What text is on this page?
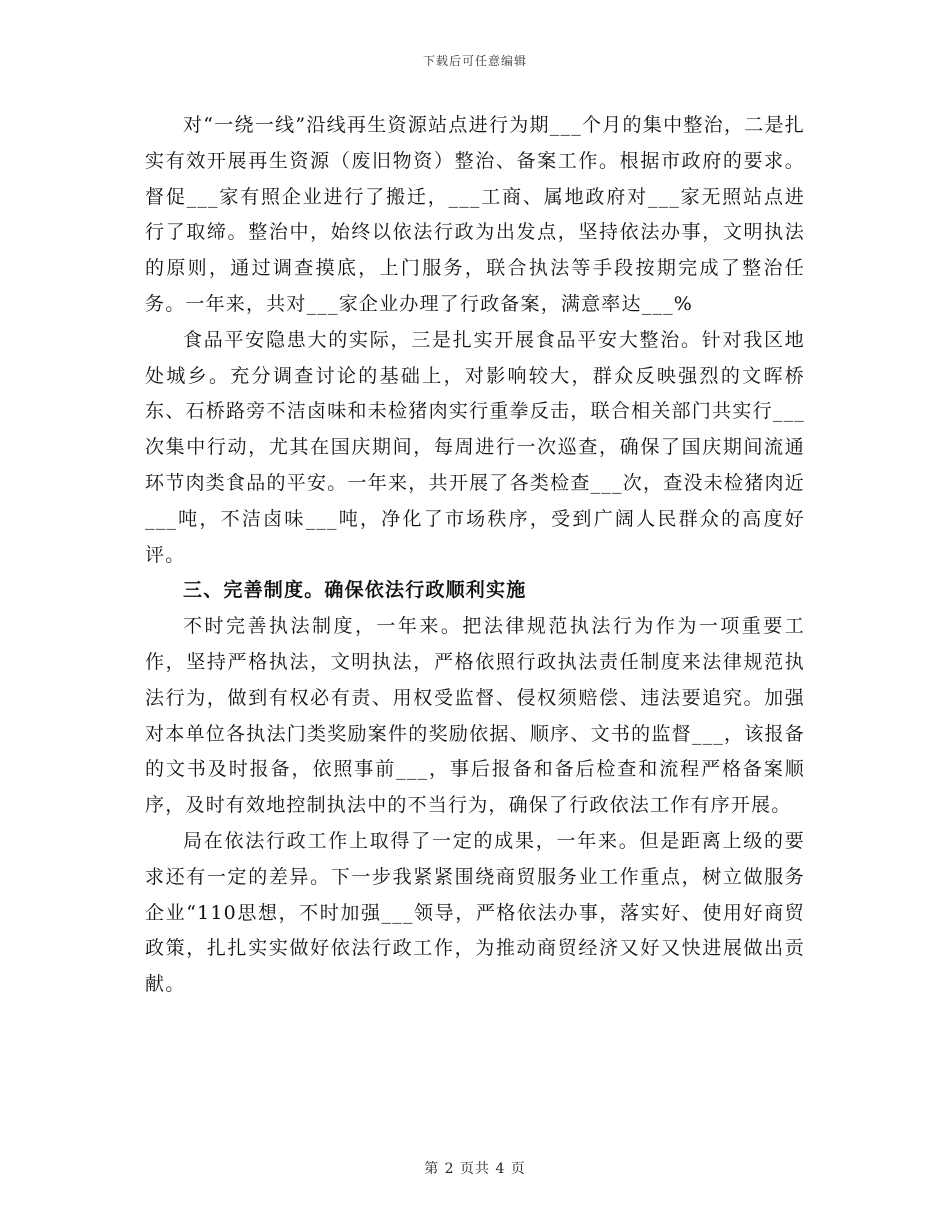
下载后可任意编辑

对“一绕一线”沿线再生资源站点进行为期___个月的集中整治，二是扎实有效开展再生资源（废旧物资）整治、备案工作。根据市政府的要求。督促___家有照企业进行了搬迁，___工商、属地政府对___家无照站点进行了取缔。整治中，始终以依法行政为出发点，坚持依法办事，文明执法的原则，通过调查摸底，上门服务，联合执法等手段按期完成了整治任务。一年来，共对___家企业办理了行政备案，满意率达___%

食品平安隐患大的实际，三是扎实开展食品平安大整治。针对我区地处城乡。充分调查讨论的基础上，对影响较大，群众反映强烈的文晖桥东、石桥路旁不洁卤味和未检猪肉实行重拳反击，联合相关部门共实行___次集中行动，尤其在国庆期间，每周进行一次巡查，确保了国庆期间流通环节肉类食品的平安。一年来，共开展了各类检查___次，查没未检猪肉近___吨，不洁卤味___吨，净化了市场秩序，受到广阔人民群众的高度好评。

三、完善制度。确保依法行政顺利实施

不时完善执法制度，一年来。把法律规范执法行为作为一项重要工作，坚持严格执法，文明执法，严格依照行政执法责任制度来法律规范执法行为，做到有权必有责、用权受监督、侵权须赔偿、违法要追究。加强对本单位各执法门类奖励案件的奖励依据、顺序、文书的监督___，该报备的文书及时报备，依照事前___，事后报备和备后检查和流程严格备案顺序，及时有效地控制执法中的不当行为，确保了行政依法工作有序开展。

局在依法行政工作上取得了一定的成果，一年来。但是距离上级的要求还有一定的差异。下一步我紧紧围绕商贸服务业工作重点，树立做服务企业“110思想，不时加强___领导，严格依法办事，落实好、使用好商贸政策，扎扎实实做好依法行政工作，为推动商贸经济又好又快进展做出贡献。

第 2 页共 4 页
